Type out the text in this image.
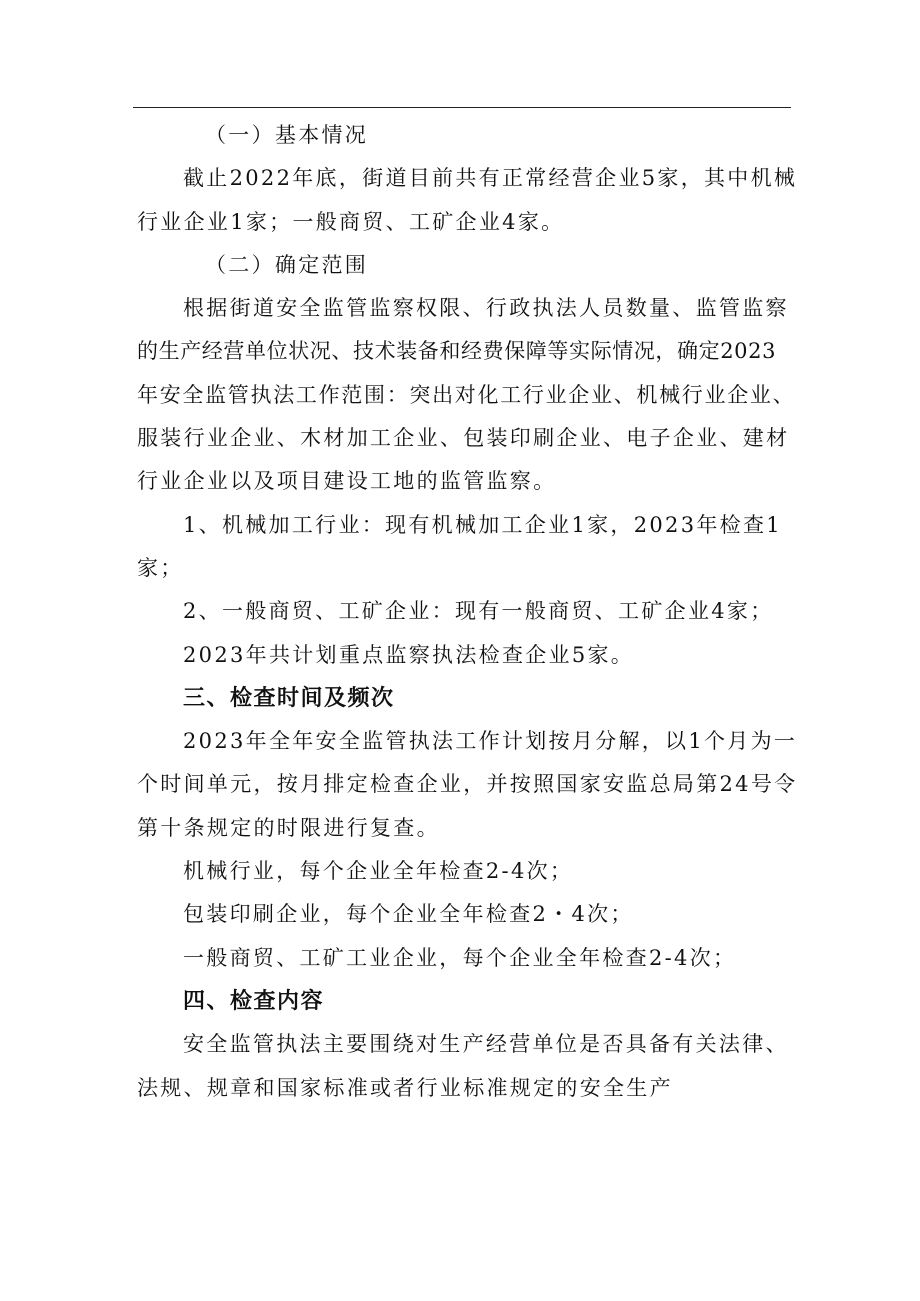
（一）基本情况
截止2022年底，街道目前共有正常经营企业5家，其中机械
行业企业1家；一般商贸、工矿企业4家。
（二）确定范围
根据街道安全监管监察权限、行政执法人员数量、监管监察
的生产经营单位状况、技术装备和经费保障等实际情况，确定2023
年安全监管执法工作范围：突出对化工行业企业、机械行业企业、
服装行业企业、木材加工企业、包装印刷企业、电子企业、建材
行业企业以及项目建设工地的监管监察。
1、机械加工行业：现有机械加工企业1家，2023年检查1
家；
2、一般商贸、工矿企业：现有一般商贸、工矿企业4家；
2023年共计划重点监察执法检查企业5家。
三、检查时间及频次
2023年全年安全监管执法工作计划按月分解，以1个月为一
个时间单元，按月排定检查企业，并按照国家安监总局第24号令
第十条规定的时限进行复查。
机械行业，每个企业全年检查2-4次；
包装印刷企业，每个企业全年检查2・4次；
一般商贸、工矿工业企业，每个企业全年检查2-4次；
四、检查内容
安全监管执法主要围绕对生产经营单位是否具备有关法律、
法规、规章和国家标准或者行业标准规定的安全生产
